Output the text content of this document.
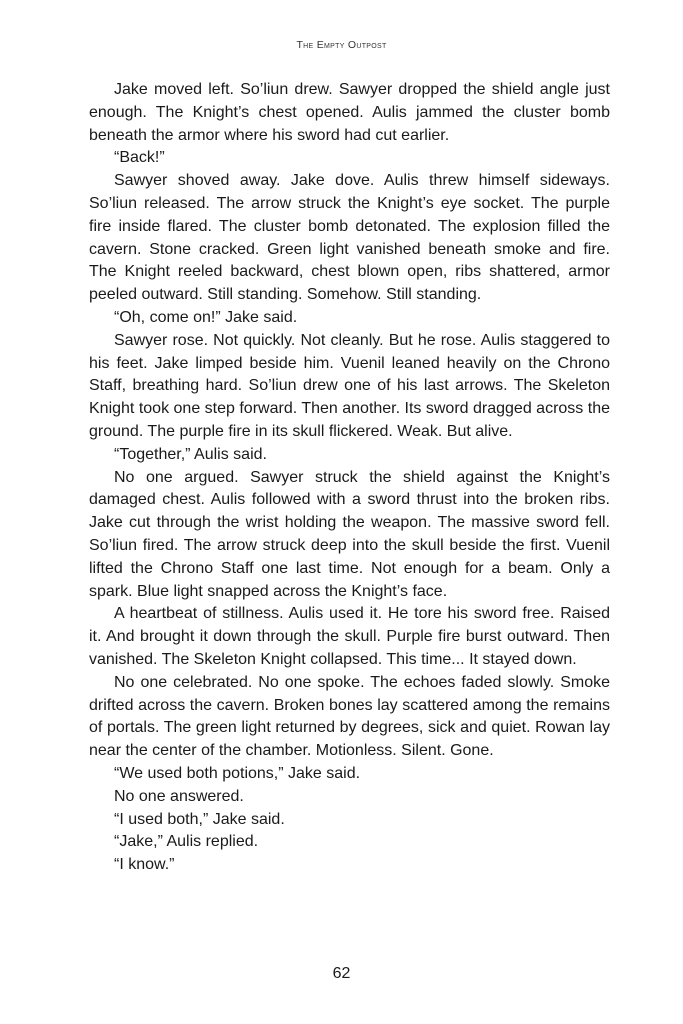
The Empty Outpost

Jake moved left. So’liun drew. Sawyer dropped the shield angle just enough. The Knight’s chest opened. Aulis jammed the cluster bomb beneath the armor where his sword had cut earlier.

“Back!”

Sawyer shoved away. Jake dove. Aulis threw himself sideways. So’liun released. The arrow struck the Knight’s eye socket. The purple fire inside flared. The cluster bomb detonated. The explosion filled the cavern. Stone cracked. Green light vanished beneath smoke and fire. The Knight reeled backward, chest blown open, ribs shattered, armor peeled outward. Still standing. Somehow. Still standing.

“Oh, come on!” Jake said.

Sawyer rose. Not quickly. Not cleanly. But he rose. Aulis staggered to his feet. Jake limped beside him. Vuenil leaned heavily on the Chrono Staff, breathing hard. So’liun drew one of his last arrows. The Skeleton Knight took one step forward. Then another. Its sword dragged across the ground. The purple fire in its skull flickered. Weak. But alive.

“Together,” Aulis said.

No one argued. Sawyer struck the shield against the Knight’s damaged chest. Aulis followed with a sword thrust into the broken ribs. Jake cut through the wrist holding the weapon. The massive sword fell. So’liun fired. The arrow struck deep into the skull beside the first. Vuenil lifted the Chrono Staff one last time. Not enough for a beam. Only a spark. Blue light snapped across the Knight’s face.

A heartbeat of stillness. Aulis used it. He tore his sword free. Raised it. And brought it down through the skull. Purple fire burst outward. Then vanished. The Skeleton Knight collapsed. This time... It stayed down.

No one celebrated. No one spoke. The echoes faded slowly. Smoke drifted across the cavern. Broken bones lay scattered among the remains of portals. The green light returned by degrees, sick and quiet. Rowan lay near the center of the chamber. Motionless. Silent. Gone.

“We used both potions,” Jake said.

No one answered.

“I used both,” Jake said.

“Jake,” Aulis replied.

“I know.”

62
